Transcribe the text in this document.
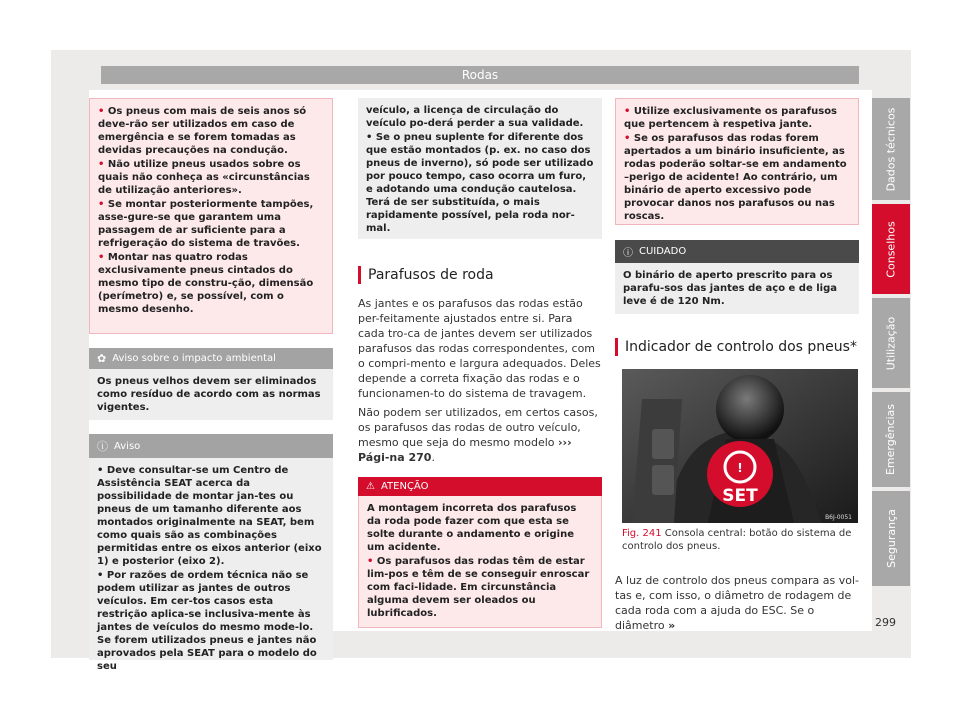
Rodas

• Os pneus com mais de seis anos só deve-rão ser utilizados em caso de emergência e se forem tomadas as devidas precauções na condução.

• Não utilize pneus usados sobre os quais não conheça as «circunstâncias de utilização anteriores».

• Se montar posteriormente tampões, asse-gure-se que garantem uma passagem de ar suficiente para a refrigeração do sistema de travões.

• Montar nas quatro rodas exclusivamente pneus cintados do mesmo tipo de constru-ção, dimensão (perímetro) e, se possível, com o mesmo desenho.

✿ Aviso sobre o impacto ambiental
Os pneus velhos devem ser eliminados como resíduo de acordo com as normas vigentes.
ⓘ Aviso

• Deve consultar-se um Centro de Assistência SEAT acerca da possibilidade de montar jan-tes ou pneus de um tamanho diferente aos montados originalmente na SEAT, bem como quais são as combinações permitidas entre os eixos anterior (eixo 1) e posterior (eixo 2).

• Por razões de ordem técnica não se podem utilizar as jantes de outros veículos. Em cer-tos casos esta restrição aplica-se inclusiva-mente às jantes de veículos do mesmo mode-lo. Se forem utilizados pneus e jantes não aprovados pela SEAT para o modelo do seu

veículo, a licença de circulação do veículo po-derá perder a sua validade.

• Se o pneu suplente for diferente dos que estão montados (p. ex. no caso dos pneus de inverno), só pode ser utilizado por pouco tempo, caso ocorra um furo, e adotando uma condução cautelosa. Terá de ser substituída, o mais rapidamente possível, pela roda nor-mal.

Parafusos de roda

As jantes e os parafusos das rodas estão per-feitamente ajustados entre si. Para cada tro-ca de jantes devem ser utilizados parafusos das rodas correspondentes, com o compri-mento e largura adequados. Deles depende a correta fixação das rodas e o funcionamen-to do sistema de travagem.

Não podem ser utilizados, em certos casos, os parafusos das rodas de outro veículo, mesmo que seja do mesmo modelo ››› Pági-na 270.

⚠ ATENÇÃO

A montagem incorreta dos parafusos da roda pode fazer com que esta se solte durante o andamento e origine um acidente.

• Os parafusos das rodas têm de estar lim-pos e têm de se conseguir enroscar com faci-lidade. Em circunstância alguma devem ser oleados ou lubrificados.

• Utilize exclusivamente os parafusos que pertencem à respetiva jante.

• Se os parafusos das rodas forem apertados a um binário insuficiente, as rodas poderão soltar-se em andamento –perigo de acidente! Ao contrário, um binário de aperto excessivo pode provocar danos nos parafusos ou nas roscas.

ⓘ CUIDADO
O binário de aperto prescrito para os parafu-sos das jantes de aço e de liga leve é de 120 Nm.
Indicador de controlo dos pneus*
!
SET
B6J-0051
Fig. 241 Consola central: botão do sistema de controlo dos pneus.

A luz de controlo dos pneus compara as vol-tas e, com isso, o diâmetro de rodagem de cada roda com a ajuda do ESC. Se o diâmetro »

Dados técnicos
Conselhos
Utilização
Emergências
Segurança
299
